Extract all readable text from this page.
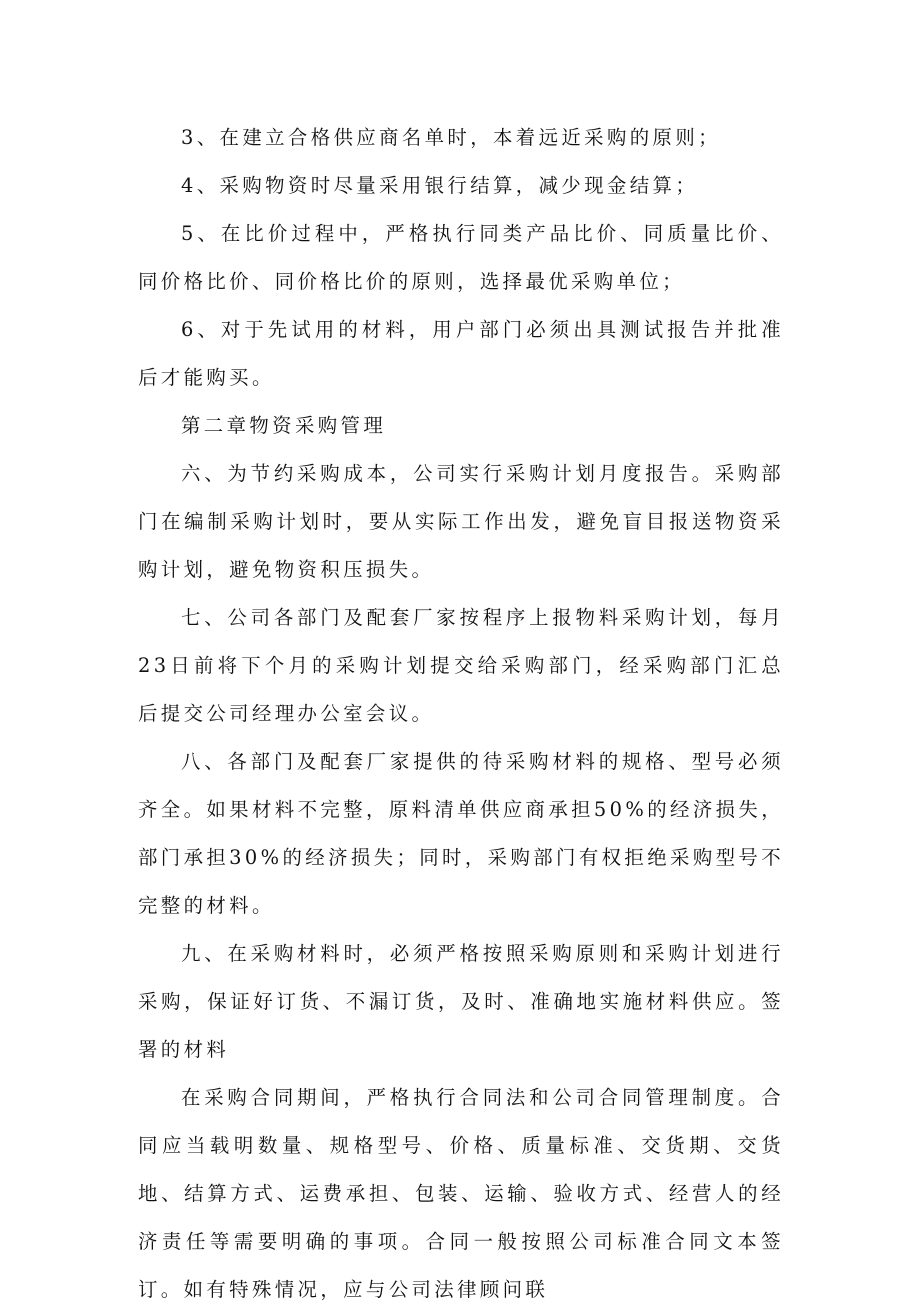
3、在建立合格供应商名单时，本着远近采购的原则；

4、采购物资时尽量采用银行结算，减少现金结算；

5、在比价过程中，严格执行同类产品比价、同质量比价、同价格比价、同价格比价的原则，选择最优采购单位；

6、对于先试用的材料，用户部门必须出具测试报告并批准后才能购买。

第二章物资采购管理

六、为节约采购成本，公司实行采购计划月度报告。采购部门在编制采购计划时，要从实际工作出发，避免盲目报送物资采购计划，避免物资积压损失。

七、公司各部门及配套厂家按程序上报物料采购计划，每月23日前将下个月的采购计划提交给采购部门，经采购部门汇总后提交公司经理办公室会议。

八、各部门及配套厂家提供的待采购材料的规格、型号必须齐全。如果材料不完整，原料清单供应商承担50%的经济损失，部门承担30%的经济损失；同时，采购部门有权拒绝采购型号不完整的材料。

九、在采购材料时，必须严格按照采购原则和采购计划进行采购，保证好订货、不漏订货，及时、准确地实施材料供应。签署的材料

在采购合同期间，严格执行合同法和公司合同管理制度。合同应当载明数量、规格型号、价格、质量标准、交货期、交货地、结算方式、运费承担、包装、运输、验收方式、经营人的经济责任等需要明确的事项。合同一般按照公司标准合同文本签订。如有特殊情况，应与公司法律顾问联
